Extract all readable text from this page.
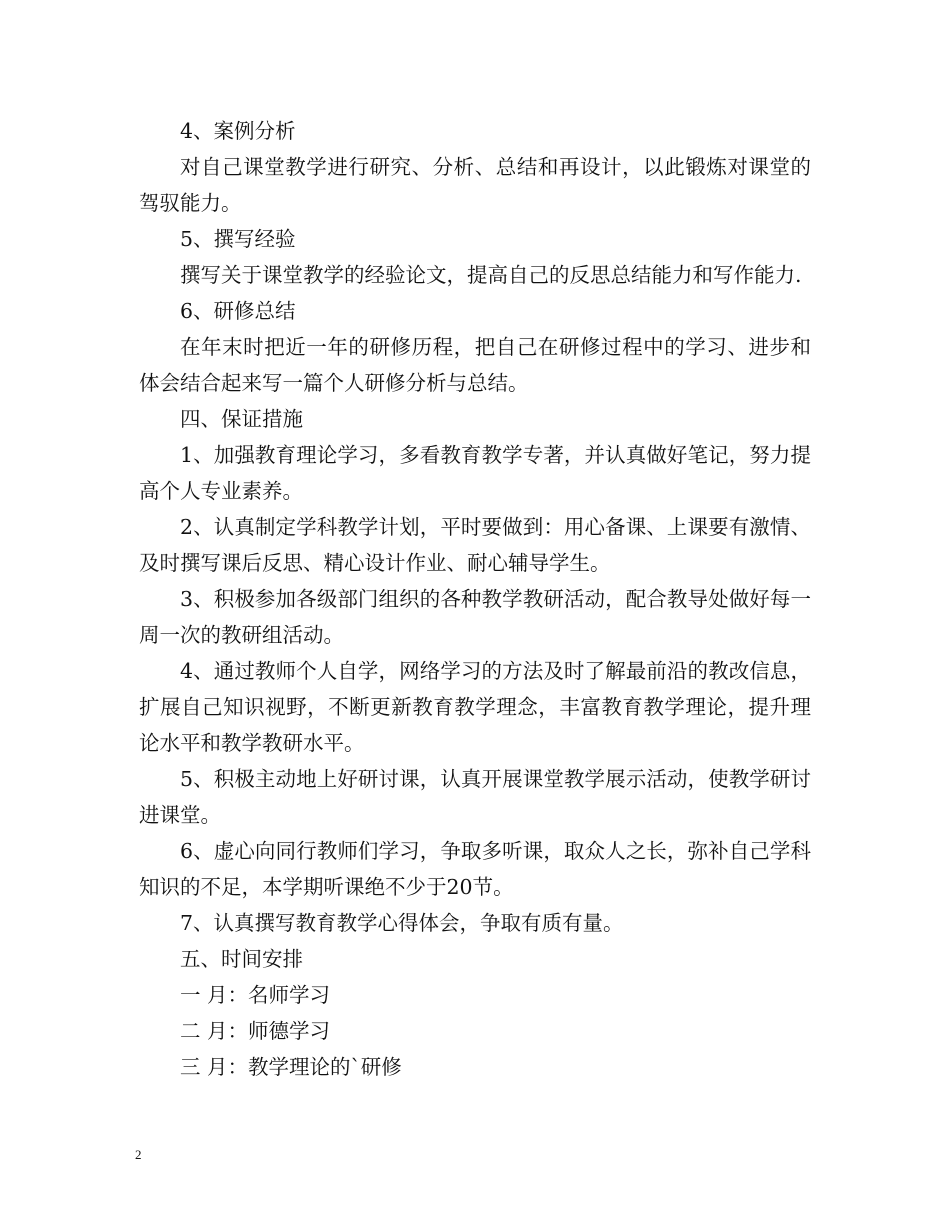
4、案例分析

对自己课堂教学进行研究、分析、总结和再设计，以此锻炼对课堂的驾驭能力。

5、撰写经验

撰写关于课堂教学的经验论文，提高自己的反思总结能力和写作能力.

6、研修总结

在年末时把近一年的研修历程，把自己在研修过程中的学习、进步和体会结合起来写一篇个人研修分析与总结。

四、保证措施

1、加强教育理论学习，多看教育教学专著，并认真做好笔记，努力提高个人专业素养。

2、认真制定学科教学计划，平时要做到：用心备课、上课要有激情、及时撰写课后反思、精心设计作业、耐心辅导学生。

3、积极参加各级部门组织的各种教学教研活动，配合教导处做好每一周一次的教研组活动。

4、通过教师个人自学，网络学习的方法及时了解最前沿的教改信息，扩展自己知识视野，不断更新教育教学理念，丰富教育教学理论，提升理论水平和教学教研水平。

5、积极主动地上好研讨课，认真开展课堂教学展示活动，使教学研讨进课堂。

6、虚心向同行教师们学习，争取多听课，取众人之长，弥补自己学科知识的不足，本学期听课绝不少于20节。

7、认真撰写教育教学心得体会，争取有质有量。

五、时间安排

一 月：名师学习

二 月：师德学习

三 月：教学理论的`研修

2
